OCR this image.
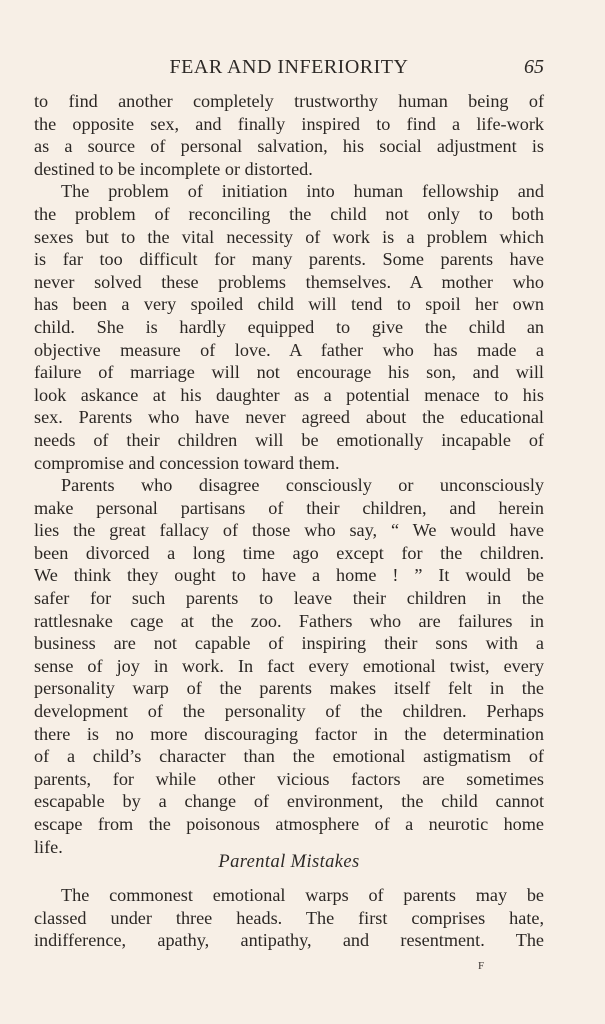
FEAR AND INFERIORITY	65
to find another completely trustworthy human being of
the opposite sex, and finally inspired to find a life-work
as a source of personal salvation, his social adjustment is
destined to be incomplete or distorted.
The problem of initiation into human fellowship and
the problem of reconciling the child not only to both
sexes but to the vital necessity of work is a problem which
is far too difficult for many parents. Some parents have
never solved these problems themselves. A mother who
has been a very spoiled child will tend to spoil her own
child. She is hardly equipped to give the child an
objective measure of love. A father who has made a
failure of marriage will not encourage his son, and will
look askance at his daughter as a potential menace to his
sex. Parents who have never agreed about the educational
needs of their children will be emotionally incapable of
compromise and concession toward them.
Parents who disagree consciously or unconsciously
make personal partisans of their children, and herein
lies the great fallacy of those who say, “ We would have
been divorced a long time ago except for the children.
We think they ought to have a home ! ” It would be
safer for such parents to leave their children in the
rattlesnake cage at the zoo. Fathers who are failures in
business are not capable of inspiring their sons with a
sense of joy in work. In fact every emotional twist, every
personality warp of the parents makes itself felt in the
development of the personality of the children. Perhaps
there is no more discouraging factor in the determination
of a child’s character than the emotional astigmatism of
parents, for while other vicious factors are sometimes
escapable by a change of environment, the child cannot
escape from the poisonous atmosphere of a neurotic home
life.
Parental Mistakes
The commonest emotional warps of parents may be
classed under three heads. The first comprises hate,
indifference, apathy, antipathy, and resentment. The
F
